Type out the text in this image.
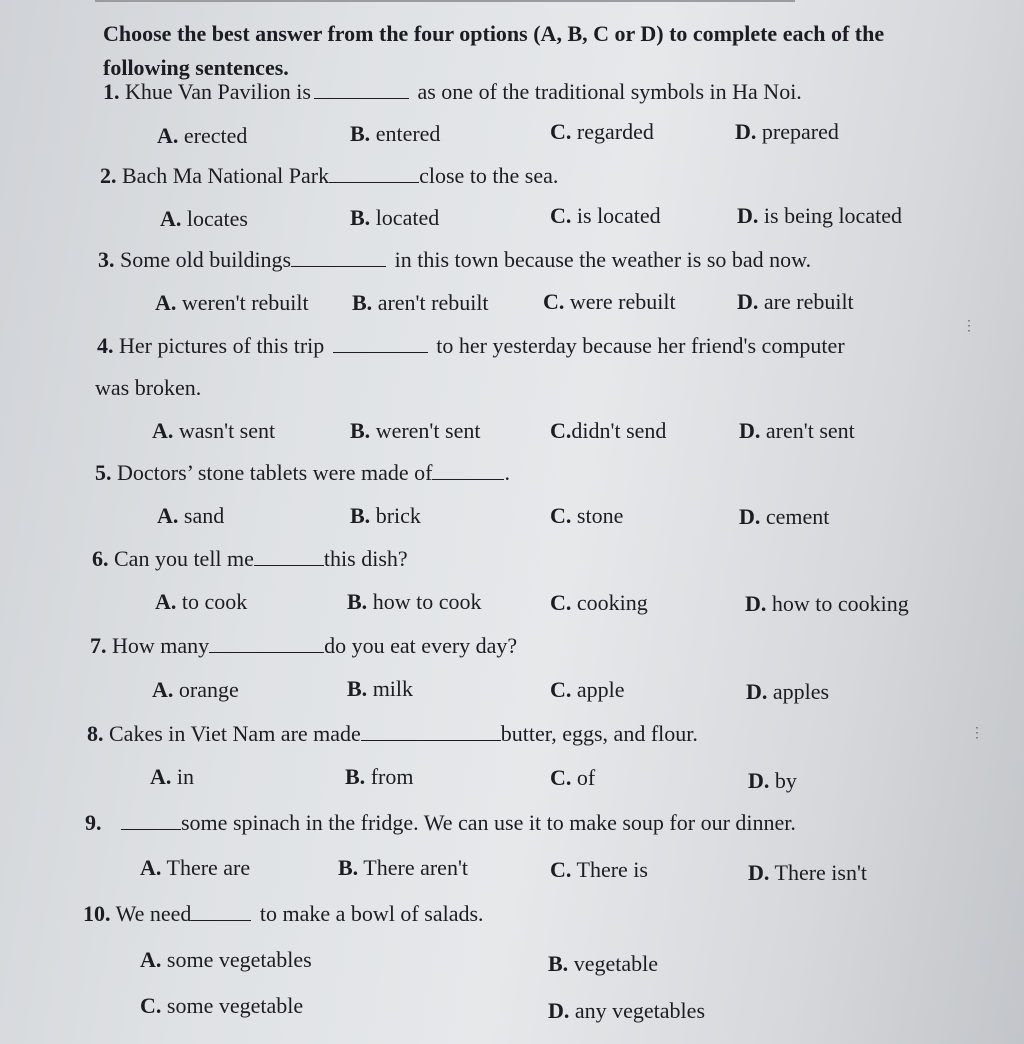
Choose the best answer from the four options (A, B, C or D) to complete each of the following sentences.
1. Khue Van Pavilion is	as one of the traditional symbols in Ha Noi.
A. erected	B. entered	C. regarded	D. prepared
2. Bach Ma National Park	close to the sea.
A. locates	B. located	C. is located	D. is being located
3. Some old buildings	in this town because the weather is so bad now.
A. weren't rebuilt B. aren't rebuilt C. were rebuilt	D. are rebuilt
4. Her pictures of this trip	to her yesterday because her friend's computer
was broken.
A. wasn't sent	B. weren't sent	C.didn't send	D. aren't sent
5. Doctors’ stone tablets were made of	.
A. sand	B. brick	C. stone	D. cement
6. Can you tell me	this dish?
A. to cook	B. how to cook	C. cooking	D. how to cooking
7. How many	do you eat every day?
A. orange	B. milk	C. apple	D. apples
8. Cakes in Viet Nam are made	butter, eggs, and flour.
A. in	B. from	C. of	D. by
9.	some spinach in the fridge. We can use it to make soup for our dinner.
A. There are	B. There aren't	C. There is	D. There isn't
10. We need	to make a bowl of salads.
A. some vegetables	B. vegetable
C. some vegetable	D. any vegetables
⋮
⋮
